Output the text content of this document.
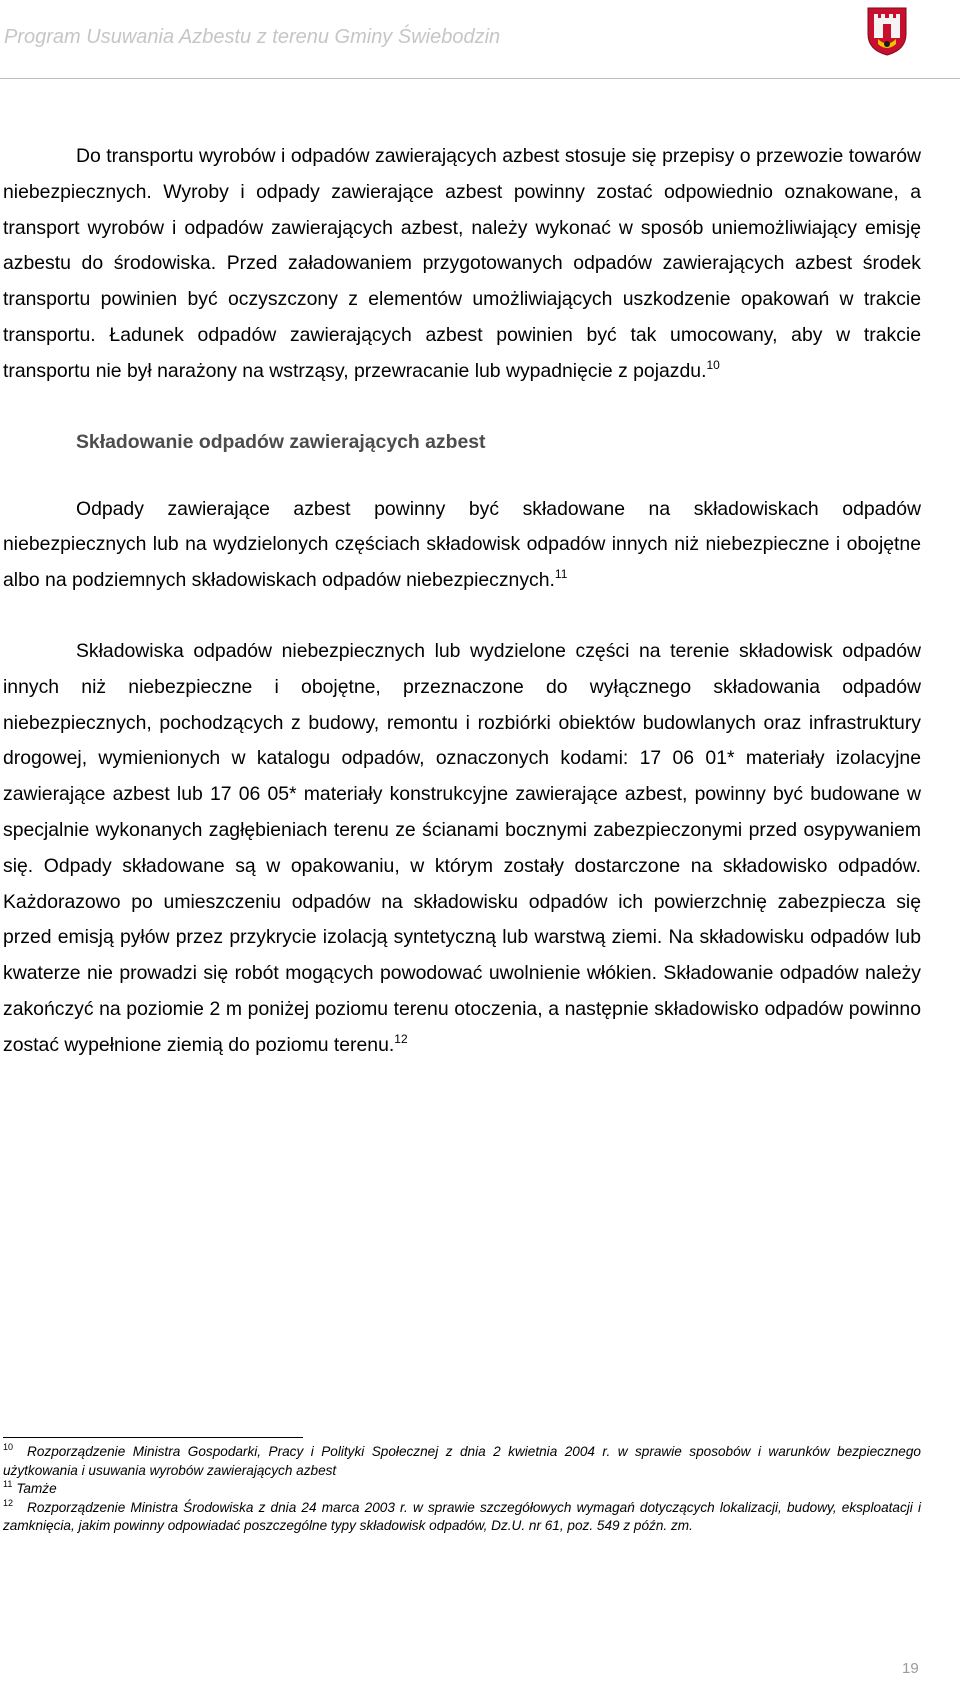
Program Usuwania Azbestu z terenu Gminy Świebodzin

Do transportu wyrobów i odpadów zawierających azbest stosuje się przepisy o przewozie towarów niebezpiecznych. Wyroby i odpady zawierające azbest powinny zostać odpowiednio oznakowane, a transport wyrobów i odpadów zawierających azbest, należy wykonać w sposób uniemożliwiający emisję azbestu do środowiska. Przed załadowaniem przygotowanych odpadów zawierających azbest środek transportu powinien być oczyszczony z elementów umożliwiających uszkodzenie opakowań w trakcie transportu. Ładunek odpadów zawierających azbest powinien być tak umocowany, aby w trakcie transportu nie był narażony na wstrząsy, przewracanie lub wypadnięcie z pojazdu.$^{10}$

Składowanie odpadów zawierających azbest

Odpady zawierające azbest powinny być składowane na składowiskach odpadów niebezpiecznych lub na wydzielonych częściach składowisk odpadów innych niż niebezpieczne i obojętne albo na podziemnych składowiskach odpadów niebezpiecznych.$^{11}$

Składowiska odpadów niebezpiecznych lub wydzielone części na terenie składowisk odpadów innych niż niebezpieczne i obojętne, przeznaczone do wyłącznego składowania odpadów niebezpiecznych, pochodzących z budowy, remontu i rozbiórki obiektów budowlanych oraz infrastruktury drogowej, wymienionych w katalogu odpadów, oznaczonych kodami: 17 06 01* materiały izolacyjne zawierające azbest lub 17 06 05* materiały konstrukcyjne zawierające azbest, powinny być budowane w specjalnie wykonanych zagłębieniach terenu ze ścianami bocznymi zabezpieczonymi przed osypywaniem się. Odpady składowane są w opakowaniu, w którym zostały dostarczone na składowisko odpadów. Każdorazowo po umieszczeniu odpadów na składowisku odpadów ich powierzchnię zabezpiecza się przed emisją pyłów przez przykrycie izolacją syntetyczną lub warstwą ziemi. Na składowisku odpadów lub kwaterze nie prowadzi się robót mogących powodować uwolnienie włókien. Składowanie odpadów należy zakończyć na poziomie 2 m poniżej poziomu terenu otoczenia, a następnie składowisko odpadów powinno zostać wypełnione ziemią do poziomu terenu.$^{12}$

$^{10}$ Rozporządzenie Ministra Gospodarki, Pracy i Polityki Społecznej z dnia 2 kwietnia 2004 r. w sprawie sposobów i warunków bezpiecznego użytkowania i usuwania wyrobów zawierających azbest

$^{11}$ Tamże

$^{12}$ Rozporządzenie Ministra Środowiska z dnia 24 marca 2003 r. w sprawie szczegółowych wymagań dotyczących lokalizacji, budowy, eksploatacji i zamknięcia, jakim powinny odpowiadać poszczególne typy składowisk odpadów, Dz.U. nr 61, poz. 549 z późn. zm.

19
